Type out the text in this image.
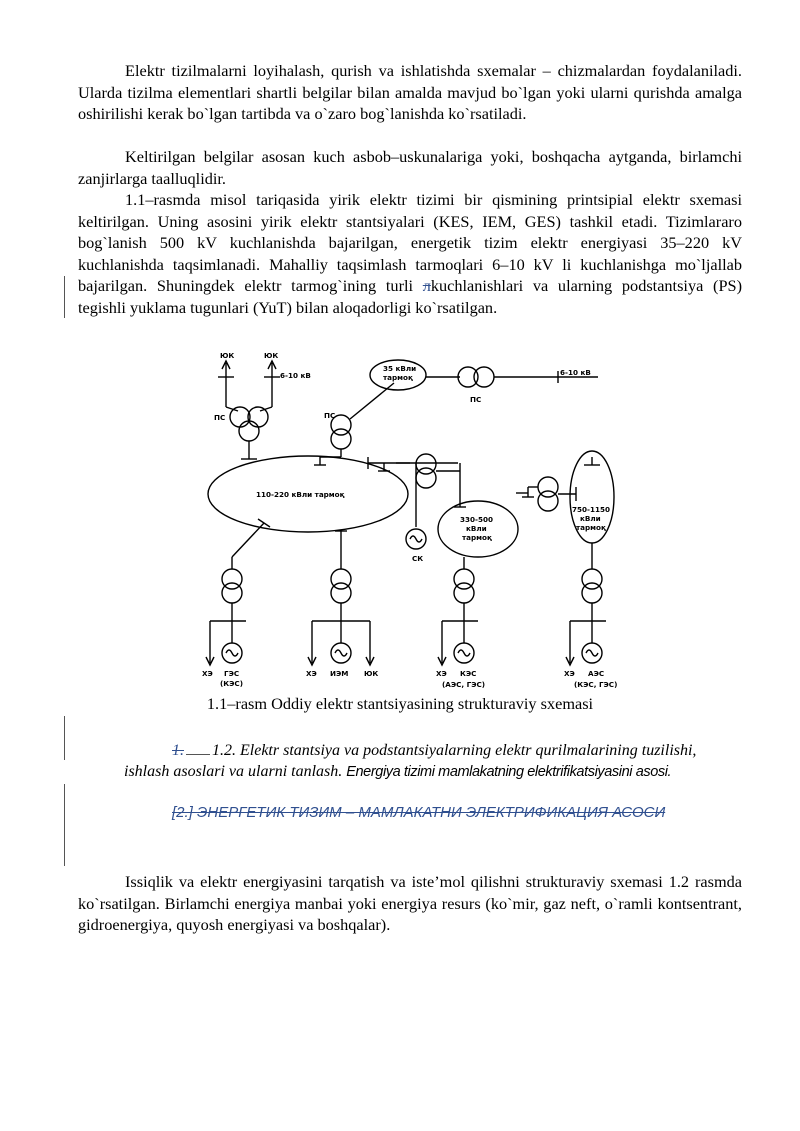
Elektr tizilmalarni loyihalash, qurish va ishlatishda sxemalar – chizmalardan foydalaniladi. Ularda tizilma elementlari shartli belgilar bilan amalda mavjud bo`lgan yoki ularni qurishda amalga oshirilishi kerak bo`lgan tartibda va o`zaro bog`lanishda ko`rsatiladi.

Keltirilgan belgilar asosan kuch asbob–uskunalariga yoki, boshqacha aytganda, birlamchi zanjirlarga taalluqlidir.

1.1–rasmda misol tariqasida yirik elektr tizimi bir qismining printsipial elektr sxemasi keltirilgan. Uning asosini yirik elektr stantsiyalari (KES, IEM, GES) tashkil etadi. Tizimlararo bog`lanish 500 kV kuchlanishda bajarilgan, energetik tizim elektr energiyasi 35–220 kV kuchlanishda taqsimlanadi. Mahalliy taqsimlash tarmoqlari 6–10 kV li kuchlanishga mo`ljallab bajarilgan. Shuningdek elektr tarmog`ining turli лkuchlanishlari va ularning podstantsiya (PS) tegishli yuklama tugunlari (YuT) bilan aloqadorligi ko`rsatilgan.

ЮК	ЮК
6-10 кВ
ПС	ПС
35 кВли
тармоқ
ПС
6-10 кВ
110-220 кВли тармоқ
СК
330-500
кВли
тармоқ
750-1150
кВли
тармоқ
ХЭ ГЭС
(КЭС)
ХЭ ИЭМ ЮК	ХЭ КЭС
(АЭС, ГЭС)
ХЭ АЭС
(КЭС, ГЭС)

1.1–rasm Oddiy elektr stantsiyasining strukturaviy sxemasi

1. 1.2. Elektr stantsiya va podstantsiyalarning elektr qurilmalarining tuzilishi, ishlash asoslari va ularni tanlash. Energiya tizimi mamlakatning elektrifikatsiyasini asosi.

[2.] ЭНЕРГЕТИК ТИЗИМ – МАМЛАКАТНИ ЭЛЕКТРИФИКАЦИЯ АСОСИ

Issiqlik va elektr energiyasini tarqatish va iste’mol qilishni strukturaviy sxemasi 1.2 rasmda ko`rsatilgan. Birlamchi energiya manbai yoki energiya resurs (ko`mir, gaz neft, o`ramli kontsentrant, gidroenergiya, quyosh energiyasi va boshqalar).
